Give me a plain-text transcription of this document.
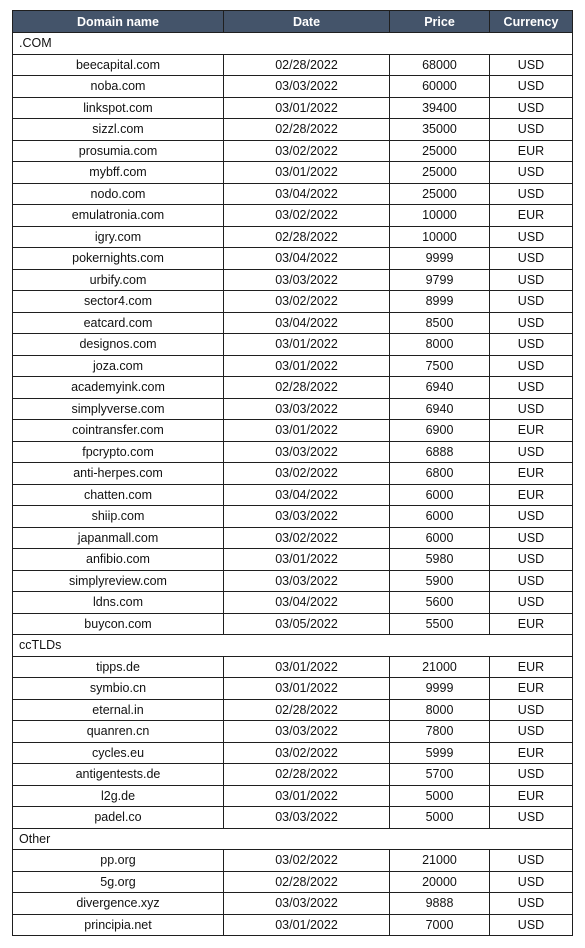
Domain name	Date	Price	Currency
.COM			
beecapital.com	02/28/2022	68000	USD
noba.com	03/03/2022	60000	USD
linkspot.com	03/01/2022	39400	USD
sizzl.com	02/28/2022	35000	USD
prosumia.com	03/02/2022	25000	EUR
mybff.com	03/01/2022	25000	USD
nodo.com	03/04/2022	25000	USD
emulatronia.com	03/02/2022	10000	EUR
igry.com	02/28/2022	10000	USD
pokernights.com	03/04/2022	9999	USD
urbify.com	03/03/2022	9799	USD
sector4.com	03/02/2022	8999	USD
eatcard.com	03/04/2022	8500	USD
designos.com	03/01/2022	8000	USD
joza.com	03/01/2022	7500	USD
academyink.com	02/28/2022	6940	USD
simplyverse.com	03/03/2022	6940	USD
cointransfer.com	03/01/2022	6900	EUR
fpcrypto.com	03/03/2022	6888	USD
anti-herpes.com	03/02/2022	6800	EUR
chatten.com	03/04/2022	6000	EUR
shiip.com	03/03/2022	6000	USD
japanmall.com	03/02/2022	6000	USD
anfibio.com	03/01/2022	5980	USD
simplyreview.com	03/03/2022	5900	USD
ldns.com	03/04/2022	5600	USD
buycon.com	03/05/2022	5500	EUR
ccTLDs			
tipps.de	03/01/2022	21000	EUR
symbio.cn	03/01/2022	9999	EUR
eternal.in	02/28/2022	8000	USD
quanren.cn	03/03/2022	7800	USD
cycles.eu	03/02/2022	5999	EUR
antigentests.de	02/28/2022	5700	USD
l2g.de	03/01/2022	5000	EUR
padel.co	03/03/2022	5000	USD
Other			
pp.org	03/02/2022	21000	USD
5g.org	02/28/2022	20000	USD
divergence.xyz	03/03/2022	9888	USD
principia.net	03/01/2022	7000	USD
